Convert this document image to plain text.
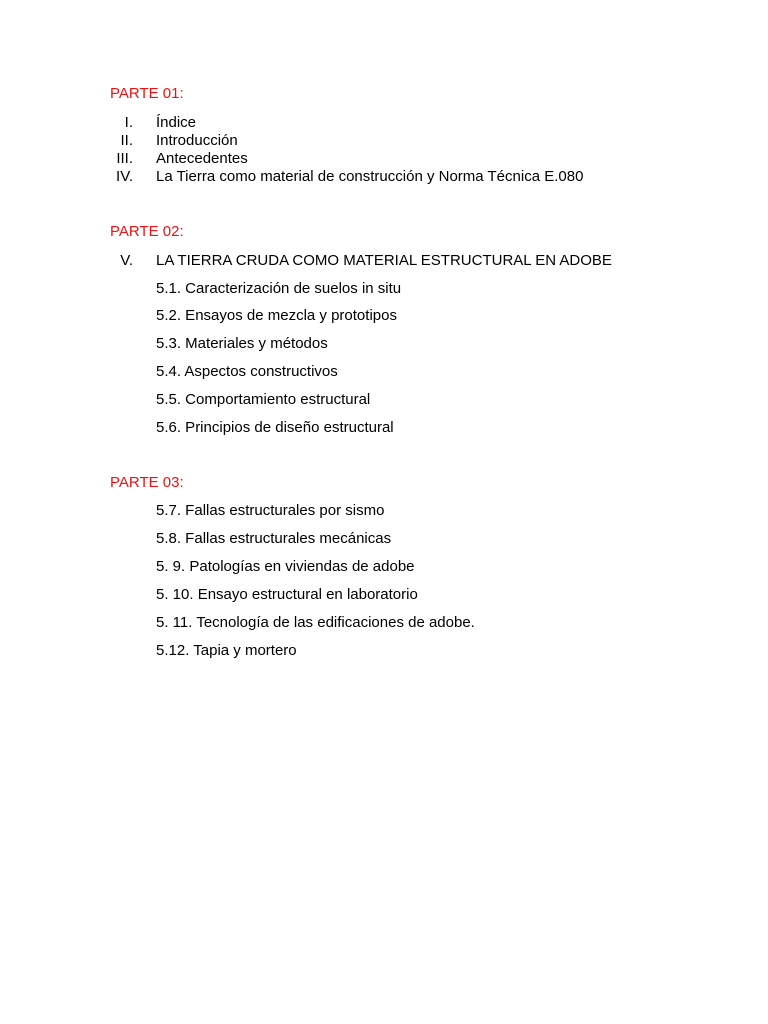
PARTE 01:
I. Índice
II. Introducción
III. Antecedentes
IV. La Tierra como material de construcción y Norma Técnica E.080
PARTE 02:
V. LA TIERRA CRUDA COMO MATERIAL ESTRUCTURAL EN ADOBE
5.1. Caracterización de suelos in situ
5.2. Ensayos de mezcla y prototipos
5.3. Materiales y métodos
5.4. Aspectos constructivos
5.5. Comportamiento estructural
5.6. Principios de diseño estructural
PARTE 03:
5.7. Fallas estructurales por sismo
5.8. Fallas estructurales mecánicas
5. 9. Patologías en viviendas de adobe
5. 10. Ensayo estructural en laboratorio
5. 11. Tecnología de las edificaciones de adobe.
5.12. Tapia y mortero
